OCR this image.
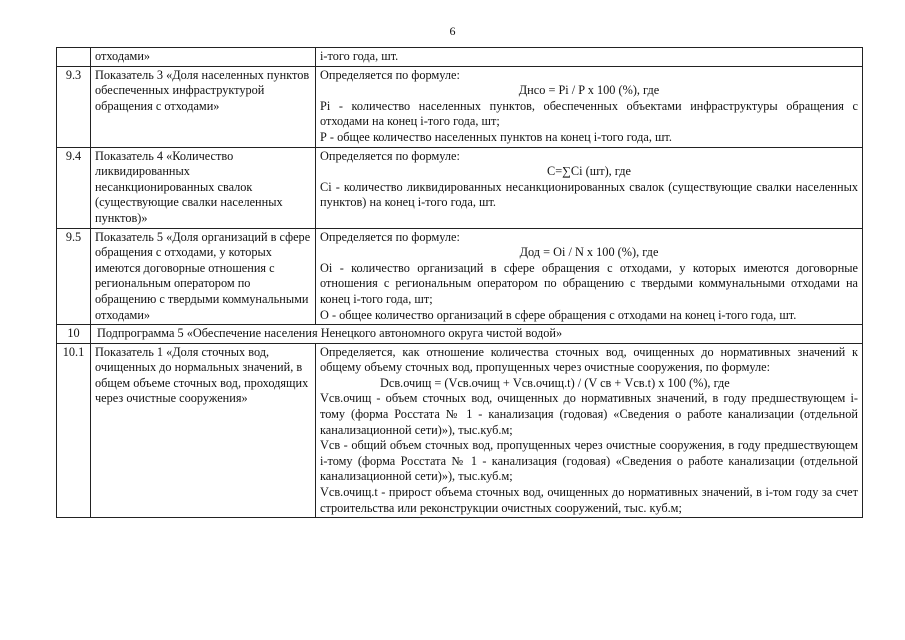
6
	отходами»	i-того года, шт.

9.3	Показатель 3 «Доля населенных пунктов обеспеченных инфраструктурой обращения с отходами»	Определяется по формуле:
Днсо = Pi / P x 100 (%), где
Pi - количество населенных пунктов, обеспеченных объектами инфраструктуры обращения с отходами на конец i-того года, шт;
Р - общее количество населенных пунктов на конец i-того года, шт.

9.4	Показатель 4 «Количество ликвидированных несанкционированных свалок (существующие свалки населенных пунктов)»	Определяется по формуле:
C=∑Ci (шт), где
Ci - количество ликвидированных несанкционированных свалок (существующие свалки населенных пунктов) на конец i-того года, шт.

9.5	Показатель 5 «Доля организаций в сфере обращения с отходами, у которых имеются договорные отношения с региональным оператором по обращению с твердыми коммунальными отходами»	Определяется по формуле:
Дод = Oi / N x 100 (%), где
Oi - количество организаций в сфере обращения с отходами, у которых имеются договорные отношения с региональным оператором по обращению с твердыми коммунальными отходами на конец i-того года, шт;
О - общее количество организаций в сфере обращения с отходами на конец i-того года, шт.

10	Подпрограмма 5 «Обеспечение населения Ненецкого автономного округа чистой водой»	
10.1	Показатель 1 «Доля сточных вод, очищенных до нормальных значений, в общем объеме сточных вод, проходящих через очистные сооружения»	Определяется, как отношение количества сточных вод, очищенных до нормативных значений к общему объему сточных вод, пропущенных через очистные сооружения, по формуле:
Dсв.очищ = (Vсв.очищ + Vсв.очищ.t) / (V св + Vсв.t) x 100 (%), где
Vсв.очищ - объем сточных вод, очищенных до нормативных значений, в году предшествующем i-тому (форма Росстата № 1 - канализация (годовая) «Сведения о работе канализации (отдельной канализационной сети)»), тыс.куб.м;
Vсв - общий объем сточных вод, пропущенных через очистные сооружения, в году предшествующем i-тому (форма Росстата № 1 - канализация (годовая) «Сведения о работе канализации (отдельной канализационной сети)»), тыс.куб.м;
Vсв.очищ.t - прирост объема сточных вод, очищенных до нормативных значений, в i-том году за счет строительства или реконструкции очистных сооружений, тыс. куб.м;
